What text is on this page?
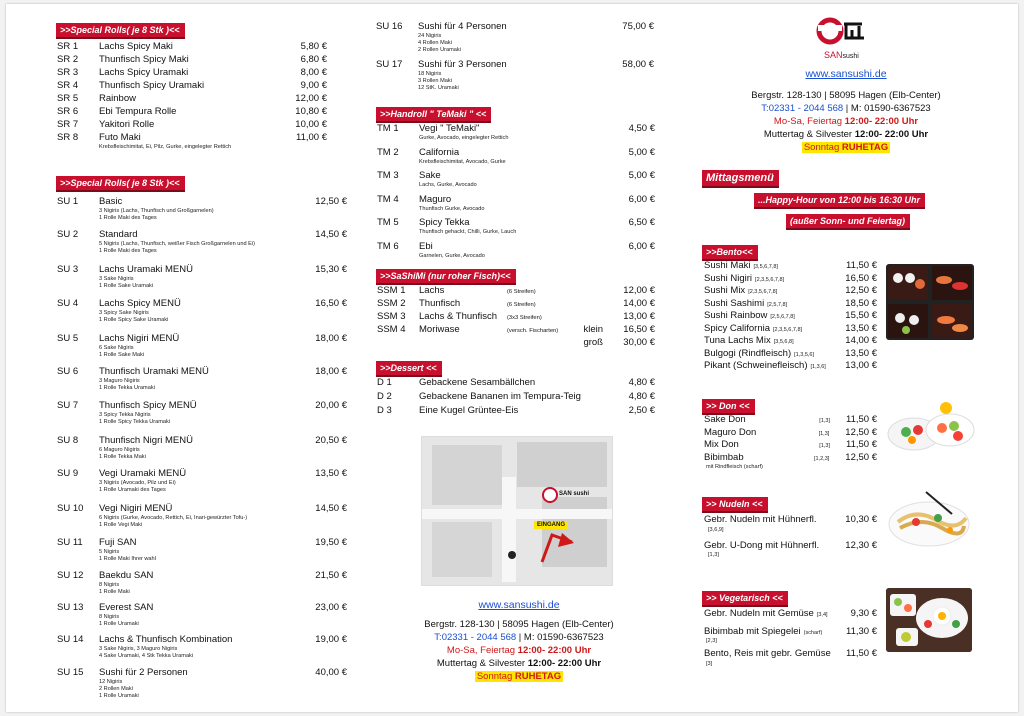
>>Special Rolls( je 8 Stk )<<
SR 1	Lachs Spicy Maki	5,80 €
SR 2	Thunfisch Spicy Maki	6,80 €
SR 3	Lachs Spicy Uramaki	8,00 €
SR 4	Thunfisch Spicy Uramaki	9,00 €
SR 5	Rainbow	12,00 €
SR 6	Ebi Tempura Rolle	10,80 €
SR 7	Yakitori Rolle	10,00 €
SR 8	Futo Maki	11,00 €
Krebsfleischimitat, Ei, Pilz, Gurke, eingelegter Rettich
>>Special Rolls( je 8 Stk )<<
SU 1	Basic	12,50 €
3 Nigiris (Lachs, Thunfisch und Großgarnelen)
1 Rolle Maki des Tages
SU 2	Standard	14,50 €
5 Nigiris (Lachs, Thunfisch, weißer Fisch Großgarnelen und Ei)
1 Rolle Maki des Tages
SU 3	Lachs Uramaki MENÜ	15,30 €
3 Sake Nigiris
1 Rolle Sake Uramaki
SU 4	Lachs Spicy MENÜ	16,50 €
3 Spicy Sake Nigiris
1 Rolle Spicy Sake Uramaki
SU 5	Lachs Nigiri MENÜ	18,00 €
6 Sake Nigiris
1 Rolle Sake Maki
SU 6	Thunfisch Uramaki MENÜ	18,00 €
3 Maguro Nigiris
1 Rolle Tekka Uramaki
SU 7	Thunfisch Spicy MENÜ	20,00 €
3 Spicy Tekka Nigiris
1 Rolle Spicy Tekka Uramaki
SU 8	Thunfisch Nigri MENÜ	20,50 €
6 Maguro Nigiris
1 Rolle Tekka Maki
SU 9	Vegi Uramaki MENÜ	13,50 €
3 Nigiris (Avocado, Pilz und Ei)
1 Rolle Uramaki des Tages
SU 10	Vegi Nigiri MENÜ	14,50 €
6 Nigiris (Gurke, Avocado, Rettich, Ei, Inari-gewürzter Tofu-)
1 Rolle Vegi Maki
SU 11	Fuji SAN	19,50 €
5 Nigiris
1 Rolle Maki Ihrer wahl
SU 12	Baekdu SAN	21,50 €
8 Nigiris
1 Rolle Maki
SU 13	Everest SAN	23,00 €
8 Nigiris
1 Rolle Uramaki
SU 14	Lachs & Thunfisch Kombination	19,00 €
3 Sake Nigiris, 3 Maguro Nigiris
4 Sake Uramaki, 4 Stk Tekka Uramaki
SU 15	Sushi für 2 Personen	40,00 €
12 Nigiris
2 Rollen Maki
1 Rolle Uramaki
SU 16	Sushi für 4 Personen	75,00 €
24 Nigiris
4 Rollen Maki
2 Rollen Uramaki
SU 17	Sushi für 3 Personen	58,00 €
18 Nigiris
3 Rollen Maki
12 StK. Uramaki
>>Handroll " TeMaki " <<
TM 1	Vegi " TeMaki"	4,50 €
Gurke, Avocado, eingelegter Rettich
TM 2	California	5,00 €
Krebsfleischimitat, Avocado, Gurke
TM 3	Sake	5,00 €
Lachs, Gurke, Avocado
TM 4	Maguro	6,00 €
Thunfisch Gurke, Avocado
TM 5	Spicy Tekka	6,50 €
Thunfisch gehackt, Chilli, Gurke, Lauch
TM 6	Ebi	6,00 €
Garnelen, Gurke, Avocado
>>SaShiMi (nur roher Fisch)<<
SSM 1	Lachs	(6 Streifen)	12,00 €
SSM 2	Thunfisch	(6 Streifen)	14,00 €
SSM 3	Lachs & Thunfisch	(3x3 Streifen)	13,00 €
SSM 4	Moriwase	(versch. Fischarten)	klein	16,50 €
groß	30,00 €
>>Dessert <<
D 1	Gebackene Sesambällchen	4,80 €
D 2	Gebackene Bananen im Tempura-Teig	4,80 €
D 3	Eine Kugel Grüntee-Eis	2,50 €
SAN sushi
EINGANG
www.sansushi.de
Bergstr. 128-130 | 58095 Hagen (Elb-Center)
T:02331 - 2044 568 | M: 01590-6367523
Mo-Sa, Feiertag 12:00- 22:00 Uhr
Muttertag & Silvester 12:00- 22:00 Uhr
Sonntag RUHETAG
SANsushi
www.sansushi.de
Bergstr. 128-130 | 58095 Hagen (Elb-Center)
T:02331 - 2044 568 | M: 01590-6367523
Mo-Sa, Feiertag 12:00- 22:00 Uhr
Muttertag & Silvester 12:00- 22:00 Uhr
Sonntag RUHETAG
Mittagsmenü
...Happy-Hour von 12:00 bis 16:30 Uhr
(außer Sonn- und Feiertag)
>>Bento<<
Sushi Maki [3,5,6,7,8]	11,50 €
Sushi Nigiri [2,3,5,6,7,8]	16,50 €
Sushi Mix [2,3,5,6,7,8]	12,50 €
Sushi Sashimi [2,5,7,8]	18,50 €
Sushi Rainbow [2,5,6,7,8]	15,50 €
Spicy California [2,3,5,6,7,8]	13,50 €
Tuna Lachs Mix [3,5,6,8]	14,00 €
Bulgogi (Rindfleisch) [1,3,5,6]	13,50 €
Pikant (Schweinefleisch) [1,3,6] 13,00 €
>> Don <<
Sake Don	[1,3] 11,50 €
Maguro Don	[1,3] 12,50 €
Mix Don	[1,3] 11,50 €
Bibimbab	[1,2,3] 12,50 €
mit Rindfleisch (scharf)
>> Nudeln <<
Gebr. Nudeln mit Hühnerfl.	10,30 €
[3,6,9]
Gebr. U-Dong mit Hühnerfl.	12,30 €
[1,3]
>> Vegetarisch <<
Gebr. Nudeln mit Gemüse [3,4] 9,30 €
Bibimbab mit Spiegelei (scharf) 11,30 €
[2,3]
Bento, Reis mit gebr. Gemüse 11,50 €
[3]
